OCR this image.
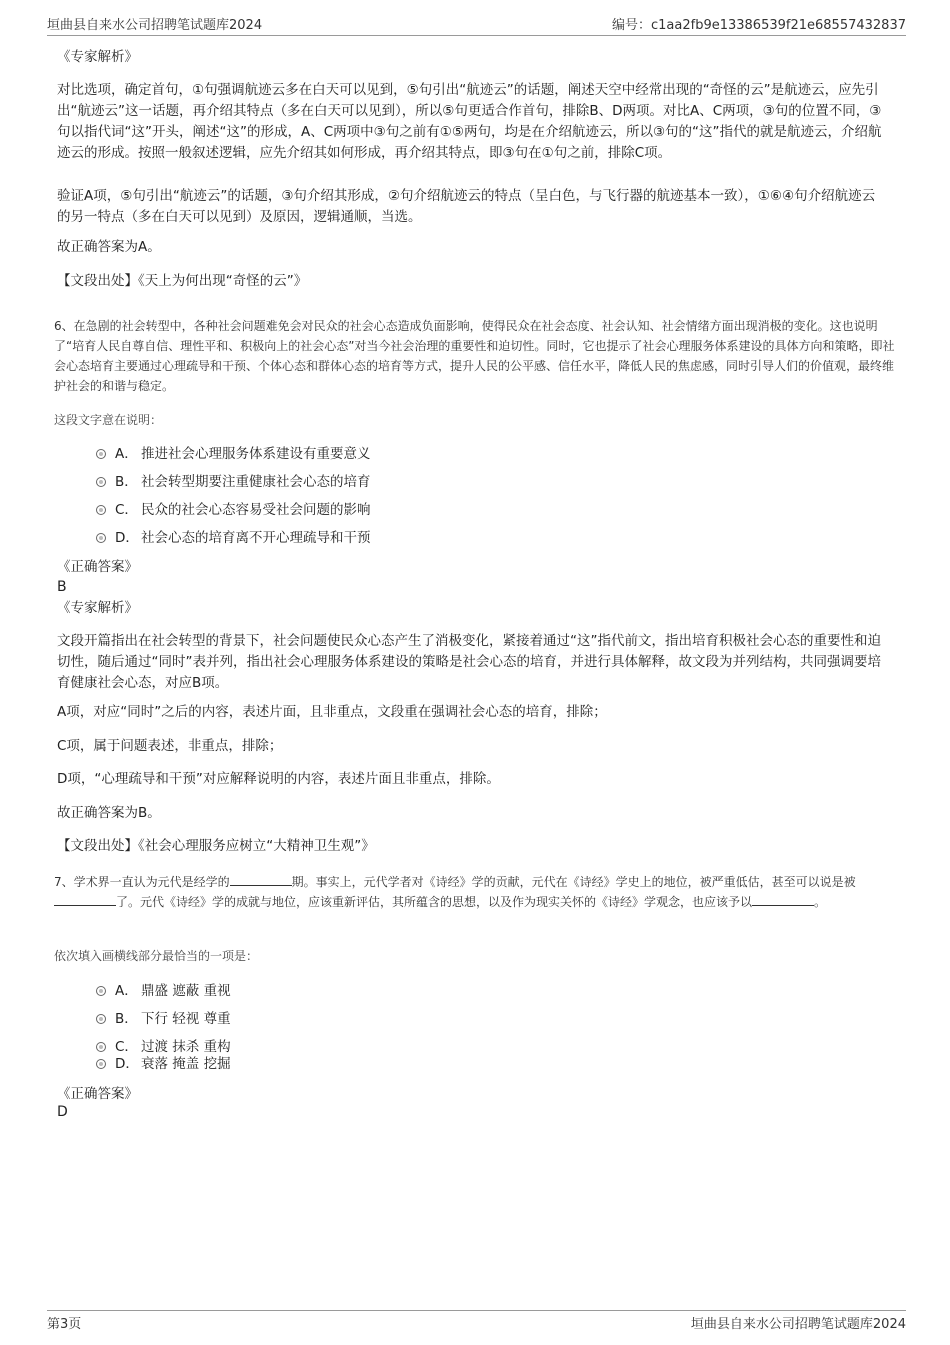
垣曲县自来水公司招聘笔试题库2024	编号：c1aa2fb9e13386539f21e68557432837
《专家解析》
对比选项，确定首句，①句强调航迹云多在白天可以见到，⑤句引出“航迹云”的话题，阐述天空中经常出现的“奇怪的云”是航迹云，应先引出“航迹云”这一话题，再介绍其特点（多在白天可以见到），所以⑤句更适合作首句，排除B、D两项。对比A、C两项，③句的位置不同，③句以指代词“这”开头，阐述“这”的形成，A、C两项中③句之前有①⑤两句，均是在介绍航迹云，所以③句的“这”指代的就是航迹云，介绍航迹云的形成。按照一般叙述逻辑，应先介绍其如何形成，再介绍其特点，即③句在①句之前，排除C项。
验证A项，⑤句引出“航迹云”的话题，③句介绍其形成，②句介绍航迹云的特点（呈白色，与飞行器的航迹基本一致），①⑥④句介绍航迹云的另一特点（多在白天可以见到）及原因，逻辑通顺，当选。
故正确答案为A。
【文段出处】《天上为何出现“奇怪的云”》
6、在急剧的社会转型中，各种社会问题难免会对民众的社会心态造成负面影响，使得民众在社会态度、社会认知、社会情绪方面出现消极的变化。这也说明了“培育人民自尊自信、理性平和、积极向上的社会心态”对当今社会治理的重要性和迫切性。同时，它也提示了社会心理服务体系建设的具体方向和策略，即社会心态培育主要通过心理疏导和干预、个体心态和群体心态的培育等方式，提升人民的公平感、信任水平，降低人民的焦虑感，同时引导人们的价值观，最终维护社会的和谐与稳定。
这段文字意在说明：
A． 推进社会心理服务体系建设有重要意义
B． 社会转型期要注重健康社会心态的培育
C． 民众的社会心态容易受社会问题的影响
D． 社会心态的培育离不开心理疏导和干预
《正确答案》
B
《专家解析》
文段开篇指出在社会转型的背景下，社会问题使民众心态产生了消极变化，紧接着通过“这”指代前文，指出培育积极社会心态的重要性和迫切性，随后通过“同时”表并列，指出社会心理服务体系建设的策略是社会心态的培育，并进行具体解释，故文段为并列结构，共同强调要培育健康社会心态，对应B项。
A项，对应“同时”之后的内容，表述片面，且非重点，文段重在强调社会心态的培育，排除；
C项，属于问题表述，非重点，排除；
D项，“心理疏导和干预”对应解释说明的内容，表述片面且非重点，排除。
故正确答案为B。
【文段出处】《社会心理服务应树立“大精神卫生观”》
7、学术界一直认为元代是经学的	期。事实上，元代学者对《诗经》学的贡献，元代在《诗经》学史上的地位，被严重低估，甚至可以说是被了。元代《诗经》学的成就与地位，应该重新评估，其所蕴含的思想，以及作为现实关怀的《诗经》学观念，也应该予以	。
依次填入画横线部分最恰当的一项是：
A． 鼎盛 遮蔽 重视
B． 下行 轻视 尊重
C． 过渡 抹杀 重构
D． 衰落 掩盖 挖掘
《正确答案》
D
第3页	垣曲县自来水公司招聘笔试题库2024
